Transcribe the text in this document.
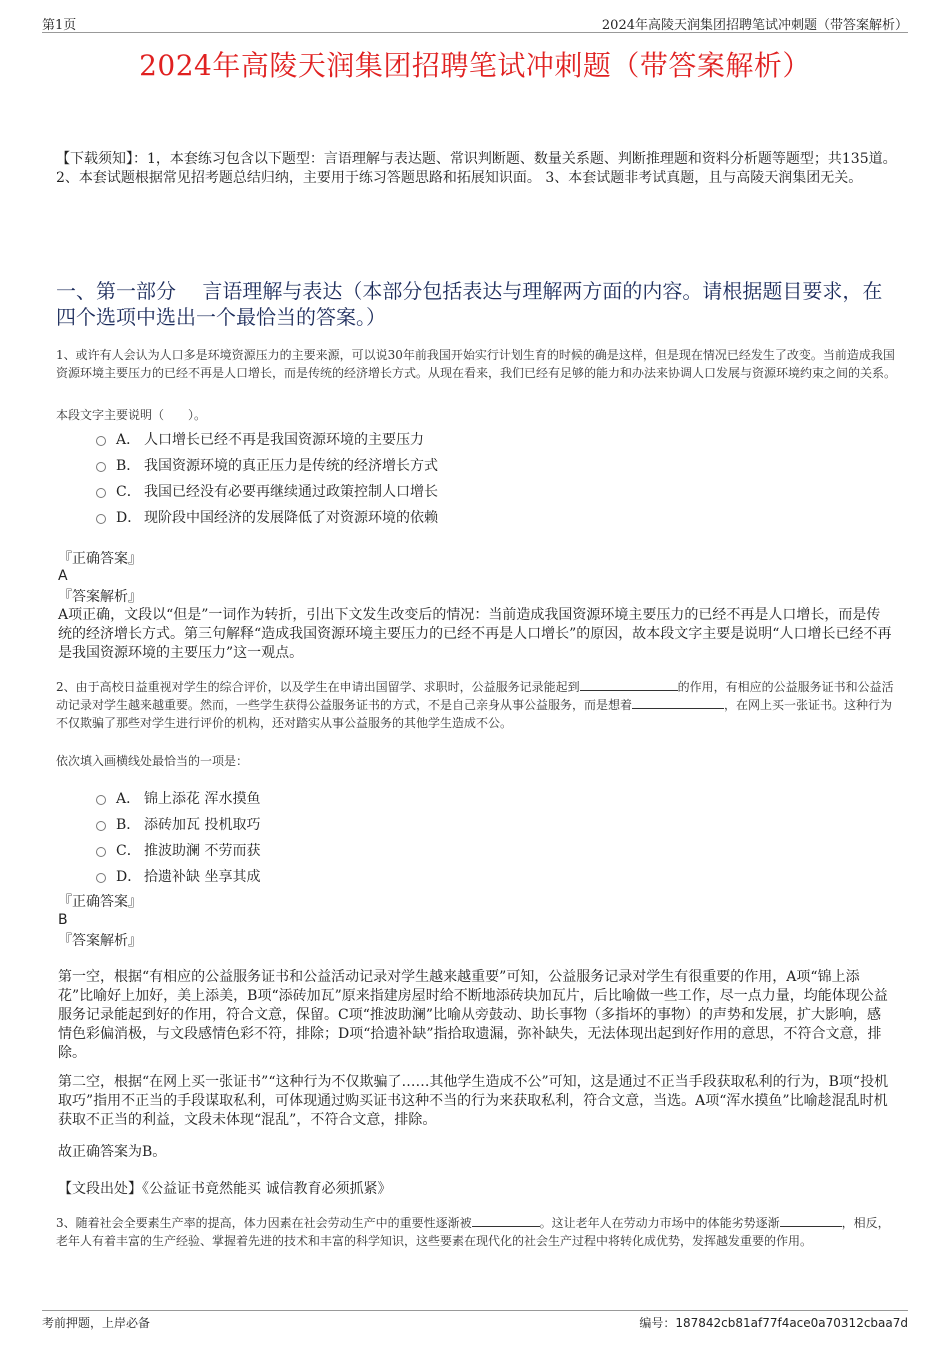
第1页	2024年高陵天润集团招聘笔试冲刺题（带答案解析）
2024年高陵天润集团招聘笔试冲刺题（带答案解析）
【下载须知】：1，本套练习包含以下题型：言语理解与表达题、常识判断题、数量关系题、判断推理题和资料分析题等题型；共135道。 2、本套试题根据常见招考题总结归纳，主要用于练习答题思路和拓展知识面。 3、本套试题非考试真题，且与高陵天润集团无关。
一、第一部分　 言语理解与表达（本部分包括表达与理解两方面的内容。请根据题目要求，在四个选项中选出一个最恰当的答案。）
1、或许有人会认为人口多是环境资源压力的主要来源，可以说30年前我国开始实行计划生育的时候的确是这样，但是现在情况已经发生了改变。当前造成我国资源环境主要压力的已经不再是人口增长，而是传统的经济增长方式。从现在看来，我们已经有足够的能力和办法来协调人口发展与资源环境约束之间的关系。
本段文字主要说明（　　）。
A． 人口增长已经不再是我国资源环境的主要压力
B． 我国资源环境的真正压力是传统的经济增长方式
C． 我国已经没有必要再继续通过政策控制人口增长
D． 现阶段中国经济的发展降低了对资源环境的依赖
『正确答案』
A
『答案解析』
A项正确，文段以“但是”一词作为转折，引出下文发生改变后的情况：当前造成我国资源环境主要压力的已经不再是人口增长，而是传统的经济增长方式。第三句解释“造成我国资源环境主要压力的已经不再是人口增长”的原因，故本段文字主要是说明“人口增长已经不再是我国资源环境的主要压力”这一观点。
2、由于高校日益重视对学生的综合评价，以及学生在申请出国留学、求职时，公益服务记录能起到	的作用，有相应的公益服务证书和公益活动记录对学生越来越重要。然而，一些学生获得公益服务证书的方式，不是自己亲身从事公益服务，而是想着	，在网上买一张证书。这种行为不仅欺骗了那些对学生进行评价的机构，还对踏实从事公益服务的其他学生造成不公。
依次填入画横线处最恰当的一项是：
A． 锦上添花 浑水摸鱼
B． 添砖加瓦 投机取巧
C． 推波助澜 不劳而获
D． 拾遗补缺 坐享其成
『正确答案』
B
『答案解析』
第一空，根据“有相应的公益服务证书和公益活动记录对学生越来越重要”可知，公益服务记录对学生有很重要的作用，A项“锦上添花”比喻好上加好，美上添美，B项“添砖加瓦”原来指建房屋时给不断地添砖块加瓦片，后比喻做一些工作，尽一点力量，均能体现公益服务记录能起到好的作用，符合文意，保留。C项“推波助澜”比喻从旁鼓动、助长事物（多指坏的事物）的声势和发展，扩大影响，感情色彩偏消极，与文段感情色彩不符，排除；D项“拾遗补缺”指拾取遗漏，弥补缺失，无法体现出起到好作用的意思，不符合文意，排除。
第二空，根据“在网上买一张证书”“这种行为不仅欺骗了……其他学生造成不公”可知，这是通过不正当手段获取私利的行为，B项“投机取巧”指用不正当的手段谋取私利，可体现通过购买证书这种不当的行为来获取私利，符合文意，当选。A项“浑水摸鱼”比喻趁混乱时机获取不正当的利益，文段未体现“混乱”，不符合文意，排除。
故正确答案为B。
【文段出处】《公益证书竟然能买 诚信教育必须抓紧》
3、随着社会全要素生产率的提高，体力因素在社会劳动生产中的重要性逐渐被	。这让老年人在劳动力市场中的体能劣势逐渐	，相反，老年人有着丰富的生产经验、掌握着先进的技术和丰富的科学知识，这些要素在现代化的社会生产过程中将转化成优势，发挥越发重要的作用。
考前押题，上岸必备	编号：187842cb81af77f4ace0a70312cbaa7d
